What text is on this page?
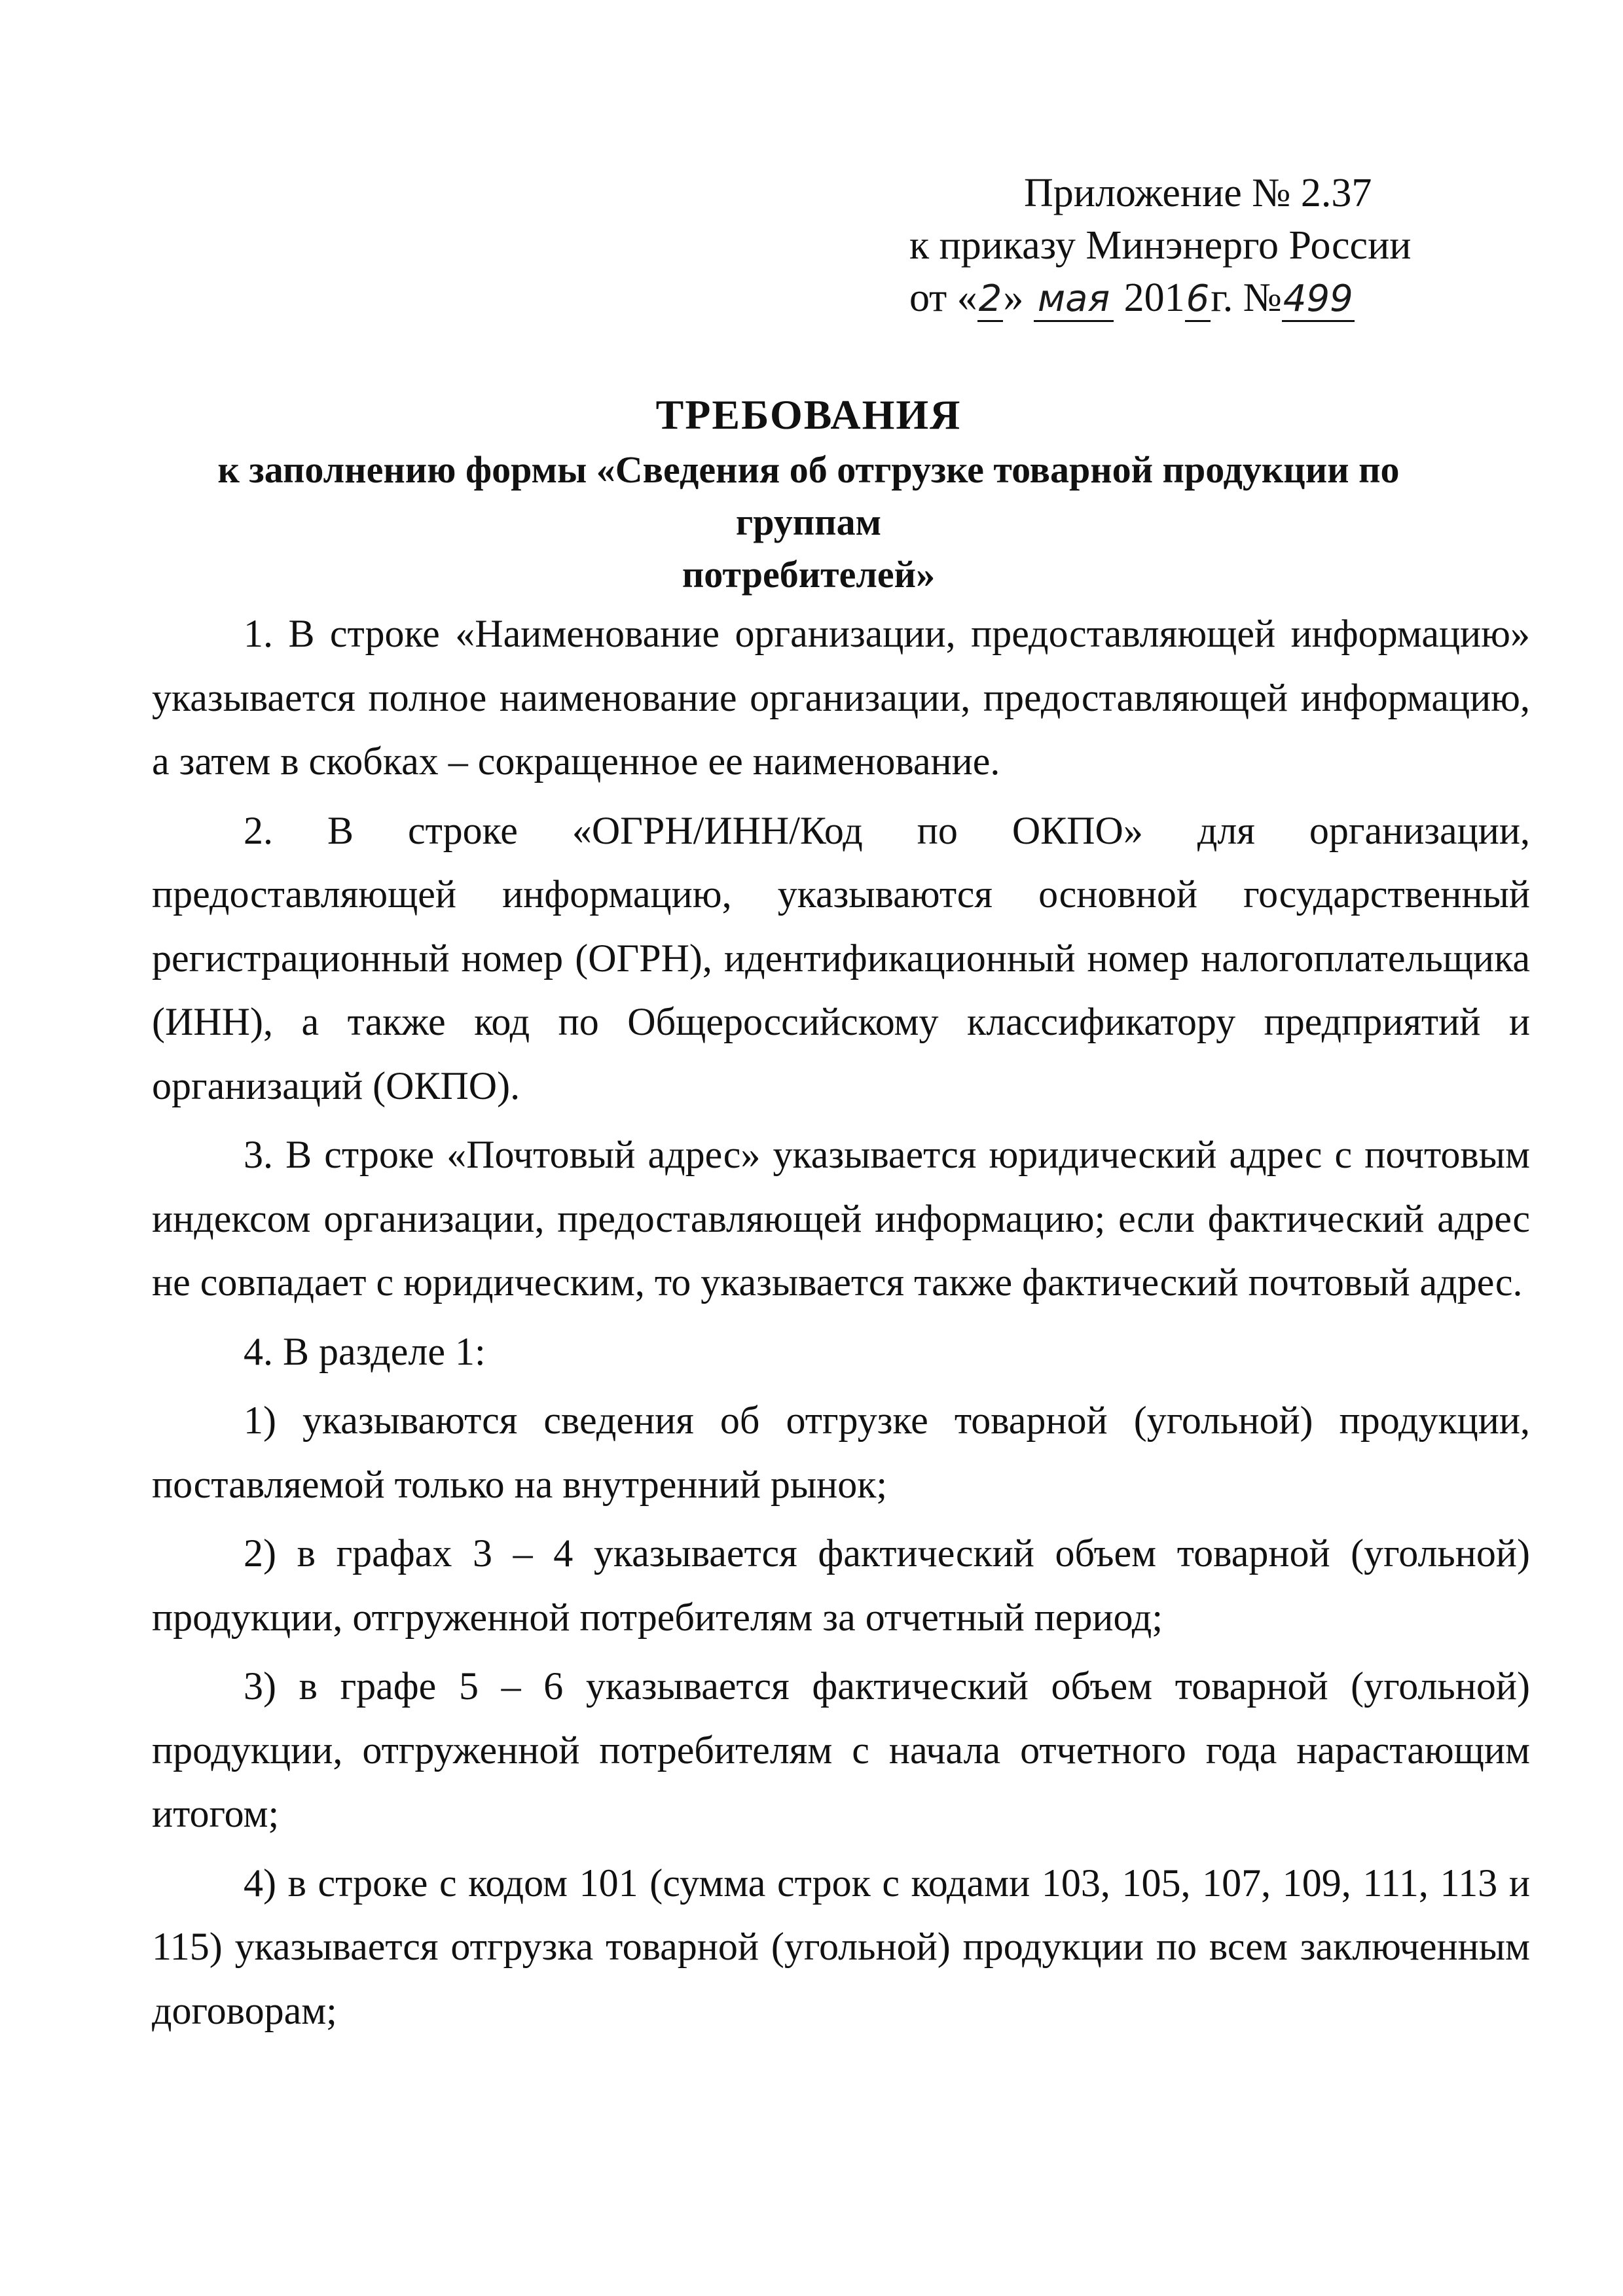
Приложение № 2.37
к приказу Минэнерго России
от «2» мая 2016г. №499
ТРЕБОВАНИЯ
к заполнению формы «Сведения об отгрузке товарной продукции по группам
потребителей»

1. В строке «Наименование организации, предоставляющей информацию» указывается полное наименование организации, предоставляющей информацию, а затем в скобках – сокращенное ее наименование.

2. В строке «ОГРН/ИНН/Код по ОКПО» для организации, предоставляющей информацию, указываются основной государственный регистрационный номер (ОГРН), идентификационный номер налогоплательщика (ИНН), а также код по Общероссийскому классификатору предприятий и организаций (ОКПО).

3. В строке «Почтовый адрес» указывается юридический адрес с почтовым индексом организации, предоставляющей информацию; если фактический адрес не совпадает с юридическим, то указывается также фактический почтовый адрес.

4. В разделе 1:

1) указываются сведения об отгрузке товарной (угольной) продукции, поставляемой только на внутренний рынок;

2) в графах 3 – 4 указывается фактический объем товарной (угольной) продукции, отгруженной потребителям за отчетный период;

3) в графе 5 – 6 указывается фактический объем товарной (угольной) продукции, отгруженной потребителям с начала отчетного года нарастающим итогом;

4) в строке с кодом 101 (сумма строк с кодами 103, 105, 107, 109, 111, 113 и 115) указывается отгрузка товарной (угольной) продукции по всем заключенным договорам;
